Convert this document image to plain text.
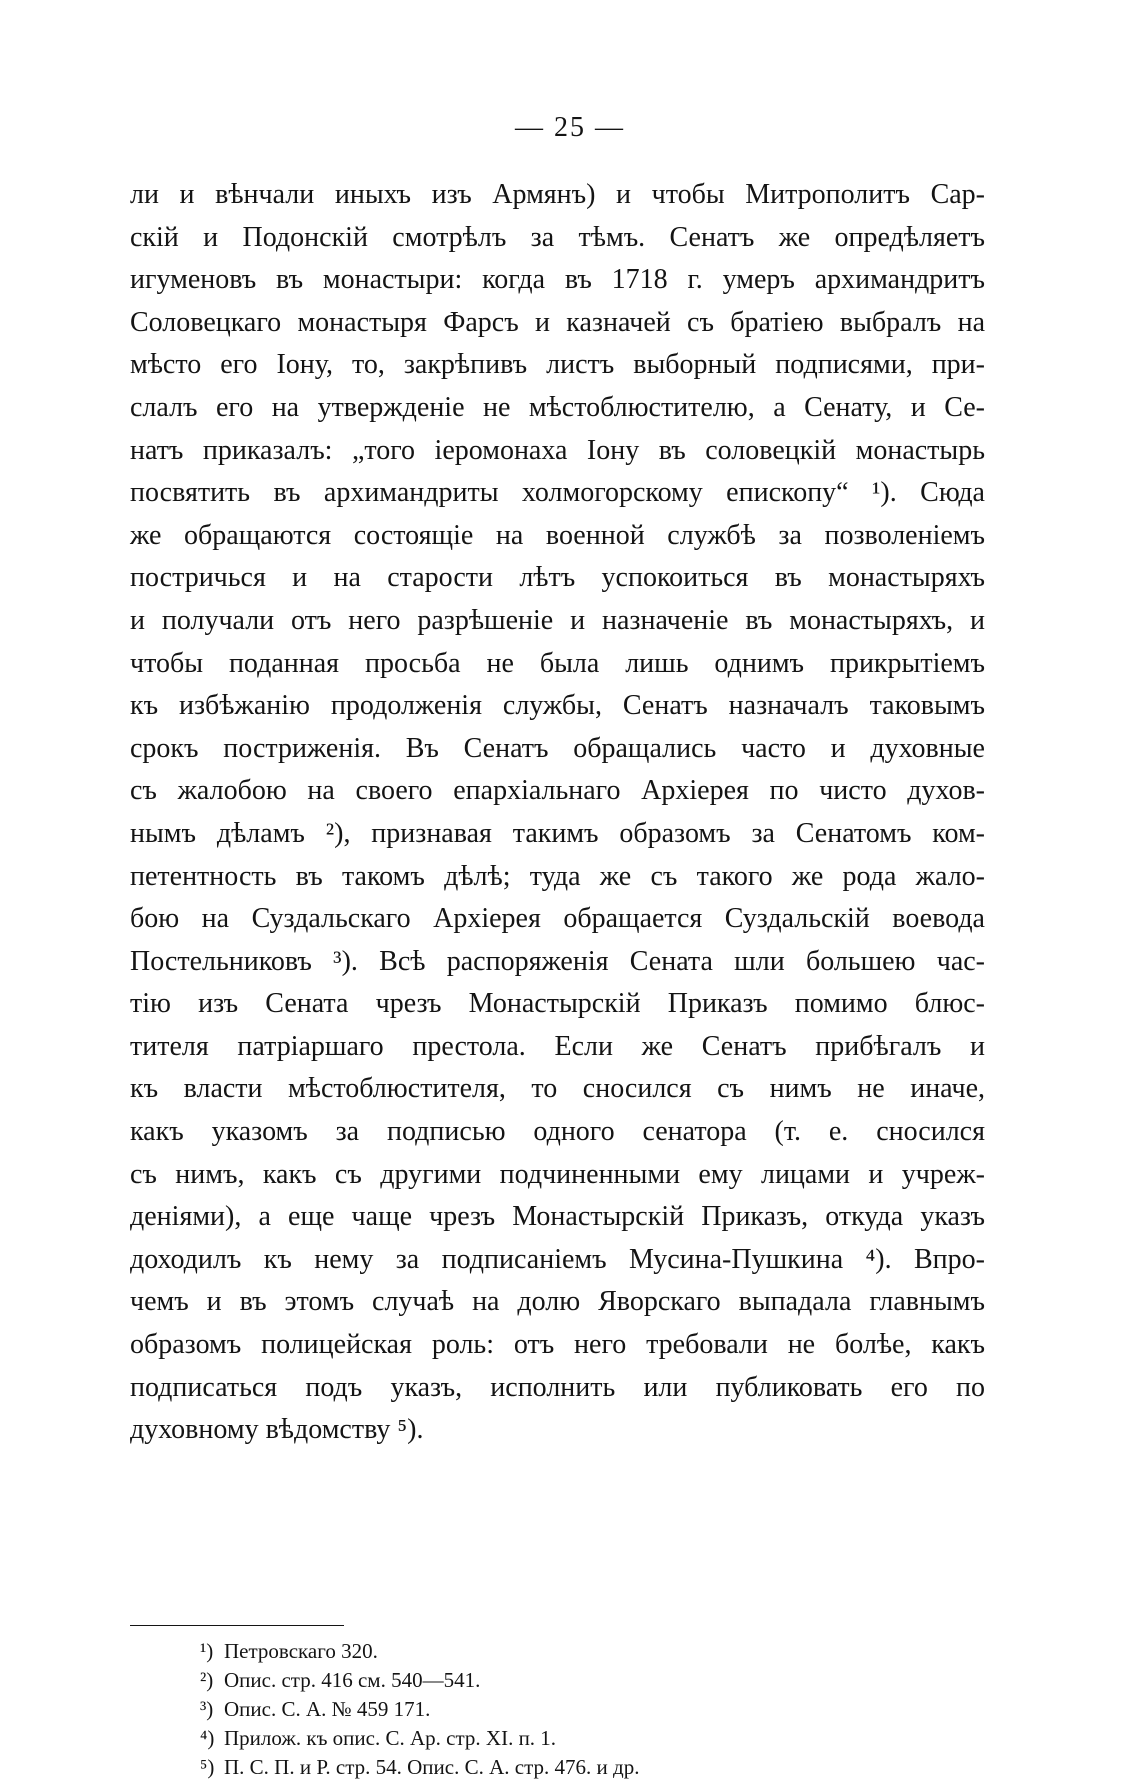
— 25 —
ли и вѣнчали иныхъ изъ Армянъ) и чтобы Митрополитъ Сар-
скій и Подонскій смотрѣлъ за тѣмъ. Сенатъ же опредѣляетъ
игуменовъ въ монастыри: когда въ 1718 г. умеръ архимандритъ
Соловецкаго монастыря Фарсъ и казначей съ братіею выбралъ на
мѣсто его Іону, то, закрѣпивъ листъ выборный подписями, при-
слалъ его на утвержденіе не мѣстоблюстителю, а Сенату, и Се-
натъ приказалъ: „того іеромонаха Іону въ соловецкій монастырь
посвятить въ архимандриты холмогорскому епископу“ ¹). Сюда
же обращаются состоящіе на военной службѣ за позволеніемъ
постричься и на старости лѣтъ успокоиться въ монастыряхъ
и получали отъ него разрѣшеніе и назначеніе въ монастыряхъ, и
чтобы поданная просьба не была лишь однимъ прикрытіемъ
къ избѣжанію продолженія службы, Сенатъ назначалъ таковымъ
срокъ постриженія. Въ Сенатъ обращались часто и духовные
съ жалобою на своего епархіальнаго Архіерея по чисто духов-
нымъ дѣламъ ²), признавая такимъ образомъ за Сенатомъ ком-
петентность въ такомъ дѣлѣ; туда же съ такого же рода жало-
бою на Суздальскаго Архіерея обращается Суздальскій воевода
Постельниковъ ³). Всѣ распоряженія Сената шли большею час-
тію изъ Сената чрезъ Монастырскій Приказъ помимо блюс-
тителя патріаршаго престола. Если же Сенатъ прибѣгалъ и
къ власти мѣстоблюстителя, то сносился съ нимъ не иначе,
какъ указомъ за подписью одного сенатора (т. е. сносился
съ нимъ, какъ съ другими подчиненными ему лицами и учреж-
деніями), а еще чаще чрезъ Монастырскій Приказъ, откуда указъ
доходилъ къ нему за подписаніемъ Мусина-Пушкина ⁴). Впро-
чемъ и въ этомъ случаѣ на долю Яворскаго выпадала главнымъ
образомъ полицейская роль: отъ него требовали не болѣе, какъ
подписаться подъ указъ, исполнить или публиковать его по
духовному вѣдомству ⁵).
¹) Петровскаго 320.
²) Опис. стр. 416 см. 540—541.
³) Опис. С. А. № 459 171.
⁴) Прилож. къ опис. С. Ар. стр. XI. п. 1.
⁵) П. С. П. и Р. стр. 54. Опис. С. А. стр. 476. и др.
